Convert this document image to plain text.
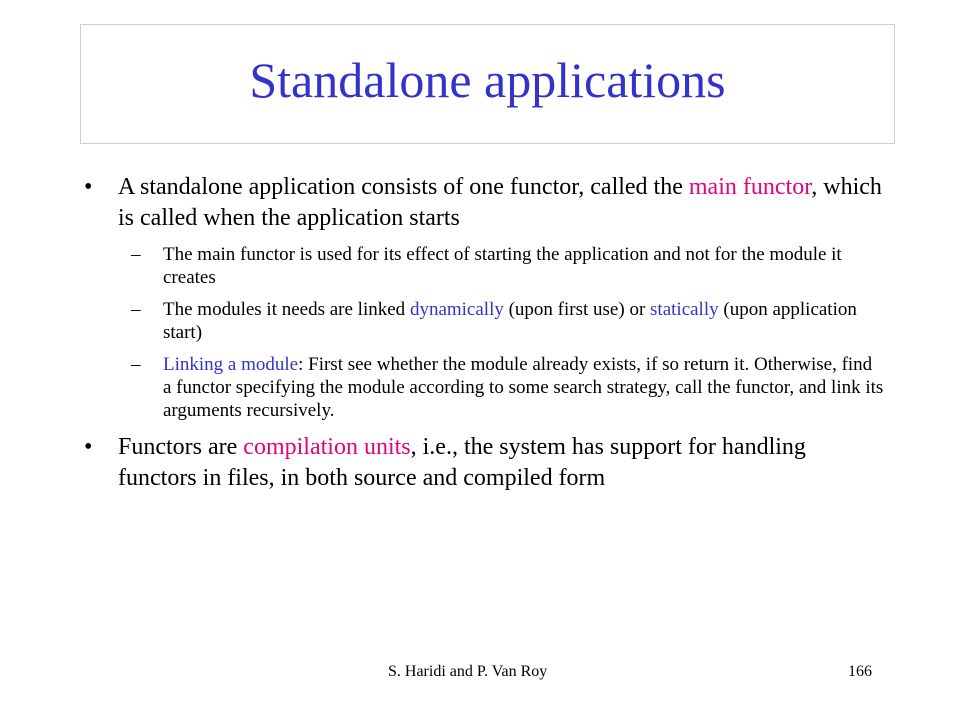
Standalone applications
• A standalone application consists of one functor, called the main functor, which is called when the application starts
– The main functor is used for its effect of starting the application and not for the module it creates
– The modules it needs are linked dynamically (upon first use) or statically (upon application start)
– Linking a module: First see whether the module already exists, if so return it. Otherwise, find a functor specifying the module according to some search strategy, call the functor, and link its arguments recursively.
• Functors are compilation units, i.e., the system has support for handling functors in files, in both source and compiled form
S. Haridi and P. Van Roy	166
